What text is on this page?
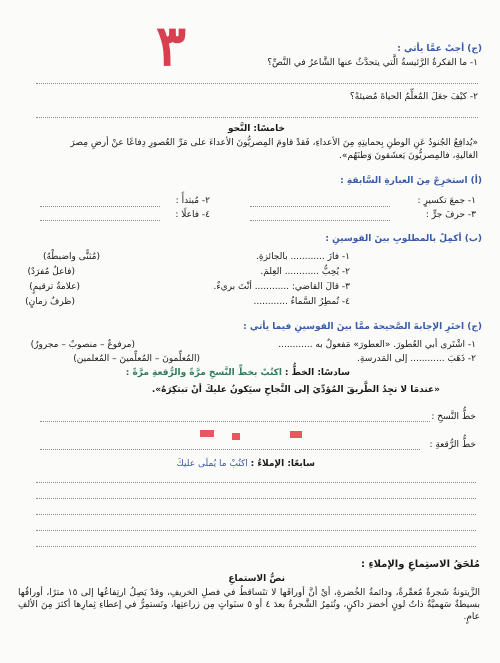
٣	(ج) أجبْ عمَّا يأتي :
١- ما الفكرةُ الرَّئيسةُ الَّتي يتحدَّثُ عنها الشَّاعرُ في النَّصِّ؟
٢- كيْفَ جعَلَ المُعلِّمُ الحياةَ مُضيئةً؟
خامسًا: النَّحو
«يُدافِعُ الجُنودُ عَنِ الوطنِ بِحمايتِهِ مِنَ الأعداءِ، فَقدْ قاومَ المِصريُّونَ الأعداءَ على مَرِّ العُصورِ دِفاعًا عنْ أرضِ مِصرَ
الغاليةِ، فالمِصريُّونَ يَعشَقونَ وَطنَهُم».
(أ) استخرِجْ مِنَ العبارةِ السَّابقةِ :
١- جمعَ تكسيرٍ :
٢- مُبتدأً :
٣- حرفَ جرٍّ :
٤- فاعلًا :
(ب) أكمِلْ بالمطلوبِ بينَ القوسينِ :
١- فازَ ............ بالجائزةِ.
(مُثنًّى واضبطْهُ)
٢- يُحِبُّ ............ العِلمَ.
(فاعلٌ مُفرَدٌ)
٣- قالَ القاضي: ............ أنْتَ بريءٌ.
(علامةُ ترقيمٍ)
٤- تُمطِرُ السَّماءُ ............
(ظرفُ زمانٍ)
(ج) اختَرِ الإجابةَ الصَّحيحةَ ممَّا بينَ القوسينِ فيما يأتي :
١- اشْتَرى أبي العُطورَ. «العطورَ» مَفعولٌ به ............
(مرفوعٌ – منصوبٌ – مجرورٌ)
٢- ذَهَبَ ............ إلى المَدرسةِ.
(المُعلِّمونَ – المُعلِّمينَ – المُعلمين)
سادسًا: الخطُّ : اكتُبْ بخطِّ النَّسخِ مرَّةً والرُّقعةِ مرَّةً :
«عندمَا لا تجِدُ الطَّريقَ المُؤدِّيَ إلى النَّجاحِ سيَكونُ عليكَ أنْ تبتكِرَهُ».
خطُّ النَّسخِ :
خطُّ الرُّقعةِ :
سابعًا: الإملاءُ : اكتُبْ ما يُملَى عليكَ
مُلحَقُ الاستِماعِ والإملاءِ :
نصُّ الاستماعِ
الزَّيتونةُ شَجرةٌ مُعمِّرةٌ، ودائمةُ الخُضرةِ، أيْ أنَّ أوراقَها لا تتَساقطُ في فصلِ الخريفِ، وقدْ يَصِلُ ارتِفاعُها إلى ١٥ مترًا، أوراقُها بسيطةٌ سَهميَّةٌ ذاتُ لونٍ أخضرَ داكنٍ، وتُثمِرُ الشَّجرةُ بعدَ ٤ أو ٥ سنَواتٍ مِن زراعتِها، وتَستمِرُّ في إعطاءِ ثِمارِها أكثرَ مِنَ الألفِ عامٍ.
